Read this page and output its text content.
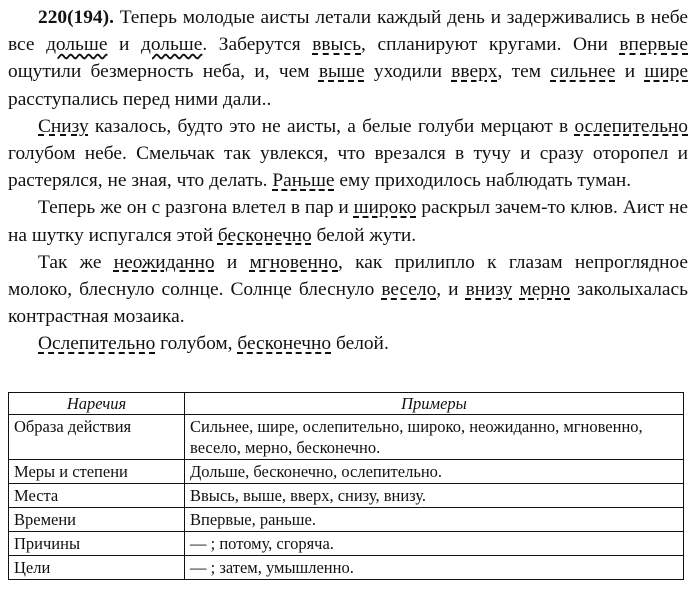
220(194). Теперь молодые аисты летали каждый день и задерживались в небе все дольше и дольше. Заберутся ввысь, спланируют кругами. Они впервые ощутили безмерность неба, и, чем выше уходили вверх, тем сильнее и шире расступались перед ними дали..

Снизу казалось, будто это не аисты, а белые голуби мерцают в ослепительно голубом небе. Смельчак так увлекся, что врезался в тучу и сразу оторопел и растерялся, не зная, что делать. Раньше ему приходилось наблюдать туман.

Теперь же он с разгона влетел в пар и широко раскрыл зачем-то клюв. Аист не на шутку испугался этой бесконечно белой жути.

Так же неожиданно и мгновенно, как прилипло к глазам непроглядное молоко, блеснуло солнце. Солнце блеснуло весело, и внизу мерно заколыхалась контрастная мозаика.

Ослепительно голубом, бесконечно белой.

Наречия	Примеры
Образа действия	Сильнее, шире, ослепительно, широко, неожиданно, мгновенно, весело, мерно, бесконечно.
Меры и степени	Дольше, бесконечно, ослепительно.
Места	Ввысь, выше, вверх, снизу, внизу.
Времени	Впервые, раньше.
Причины	— ; потому, сгоряча.
Цели	— ; затем, умышленно.
